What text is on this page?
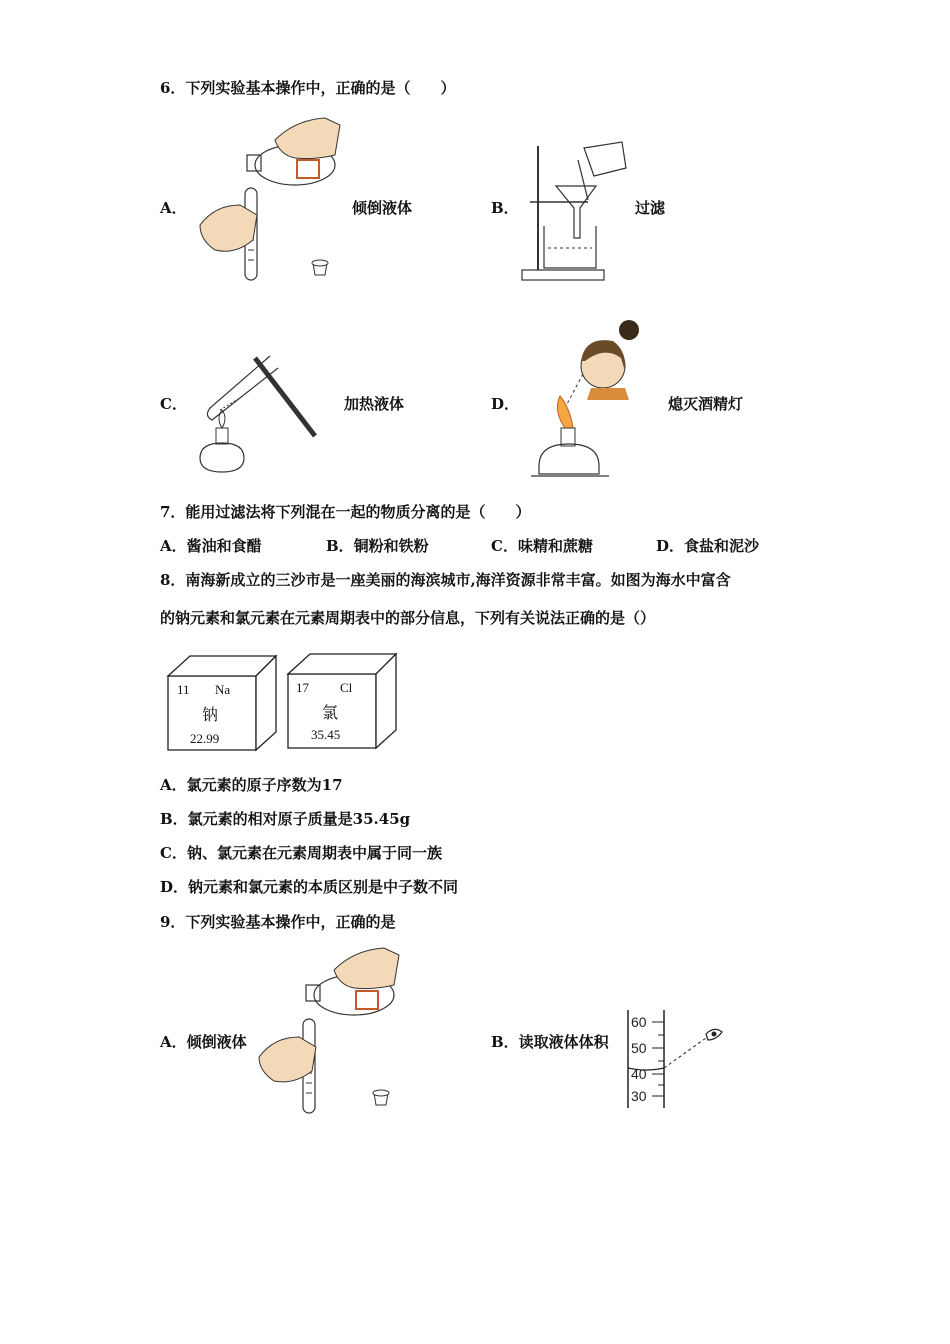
6．下列实验基本操作中，正确的是（　　）
A．	倾倒液体	B．	过滤
C．	加热液体	D．	熄灭酒精灯
7．能用过滤法将下列混在一起的物质分离的是（　　）
A．酱油和食醋	B．铜粉和铁粉	C．味精和蔗糖	D．食盐和泥沙
8．南海新成立的三沙市是一座美丽的海滨城市,海洋资源非常丰富。如图为海水中富含
的钠元素和氯元素在元素周期表中的部分信息，下列有关说法正确的是（）
11 Na
钠
22.99
17 Cl
氯
35.45
A．氯元素的原子序数为17
B．氯元素的相对原子质量是35.45g
C．钠、氯元素在元素周期表中属于同一族
D．钠元素和氯元素的本质区别是中子数不同
9．下列实验基本操作中，正确的是
A．倾倒液体	B．读取液体体积
60
50
40
30
